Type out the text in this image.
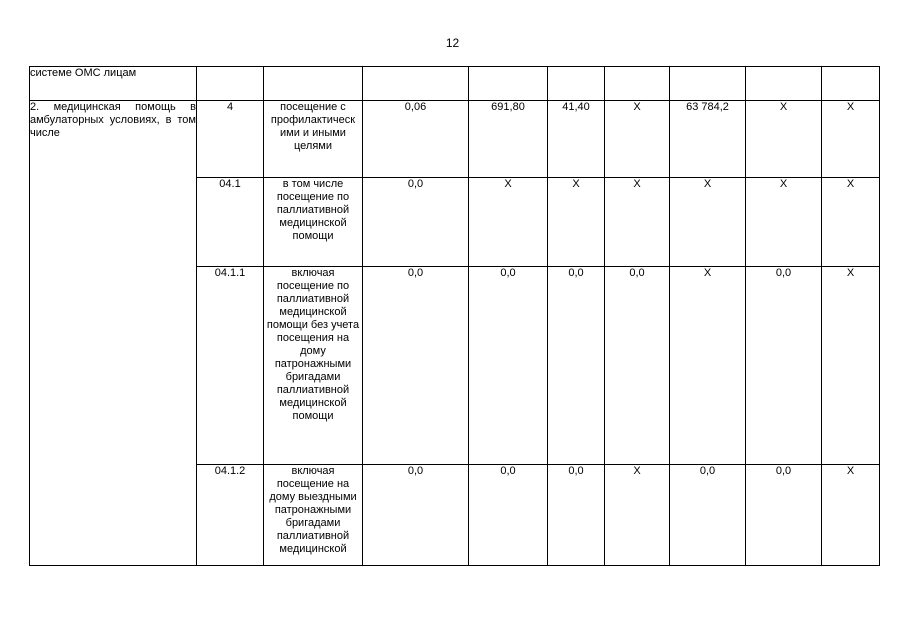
12
системе ОМС лицам									
2. медицинская помощь в амбулаторных условиях, в том числе	4	посещение с профилактическ ими и иными целями	0,06	691,80	41,40	Х	63 784,2	Х	Х
	04.1	в том числе посещение по паллиативной медицинской помощи	0,0	Х	Х	Х	Х	Х	Х
	04.1.1	включая посещение по паллиативной медицинской помощи без учета посещения на дому патронажными бригадами паллиативной медицинской помощи	0,0	0,0	0,0	0,0	Х	0,0	Х
	04.1.2	включая посещение на дому выездными патронажными бригадами паллиативной медицинской	0,0	0,0	0,0	Х	0,0	0,0	Х
